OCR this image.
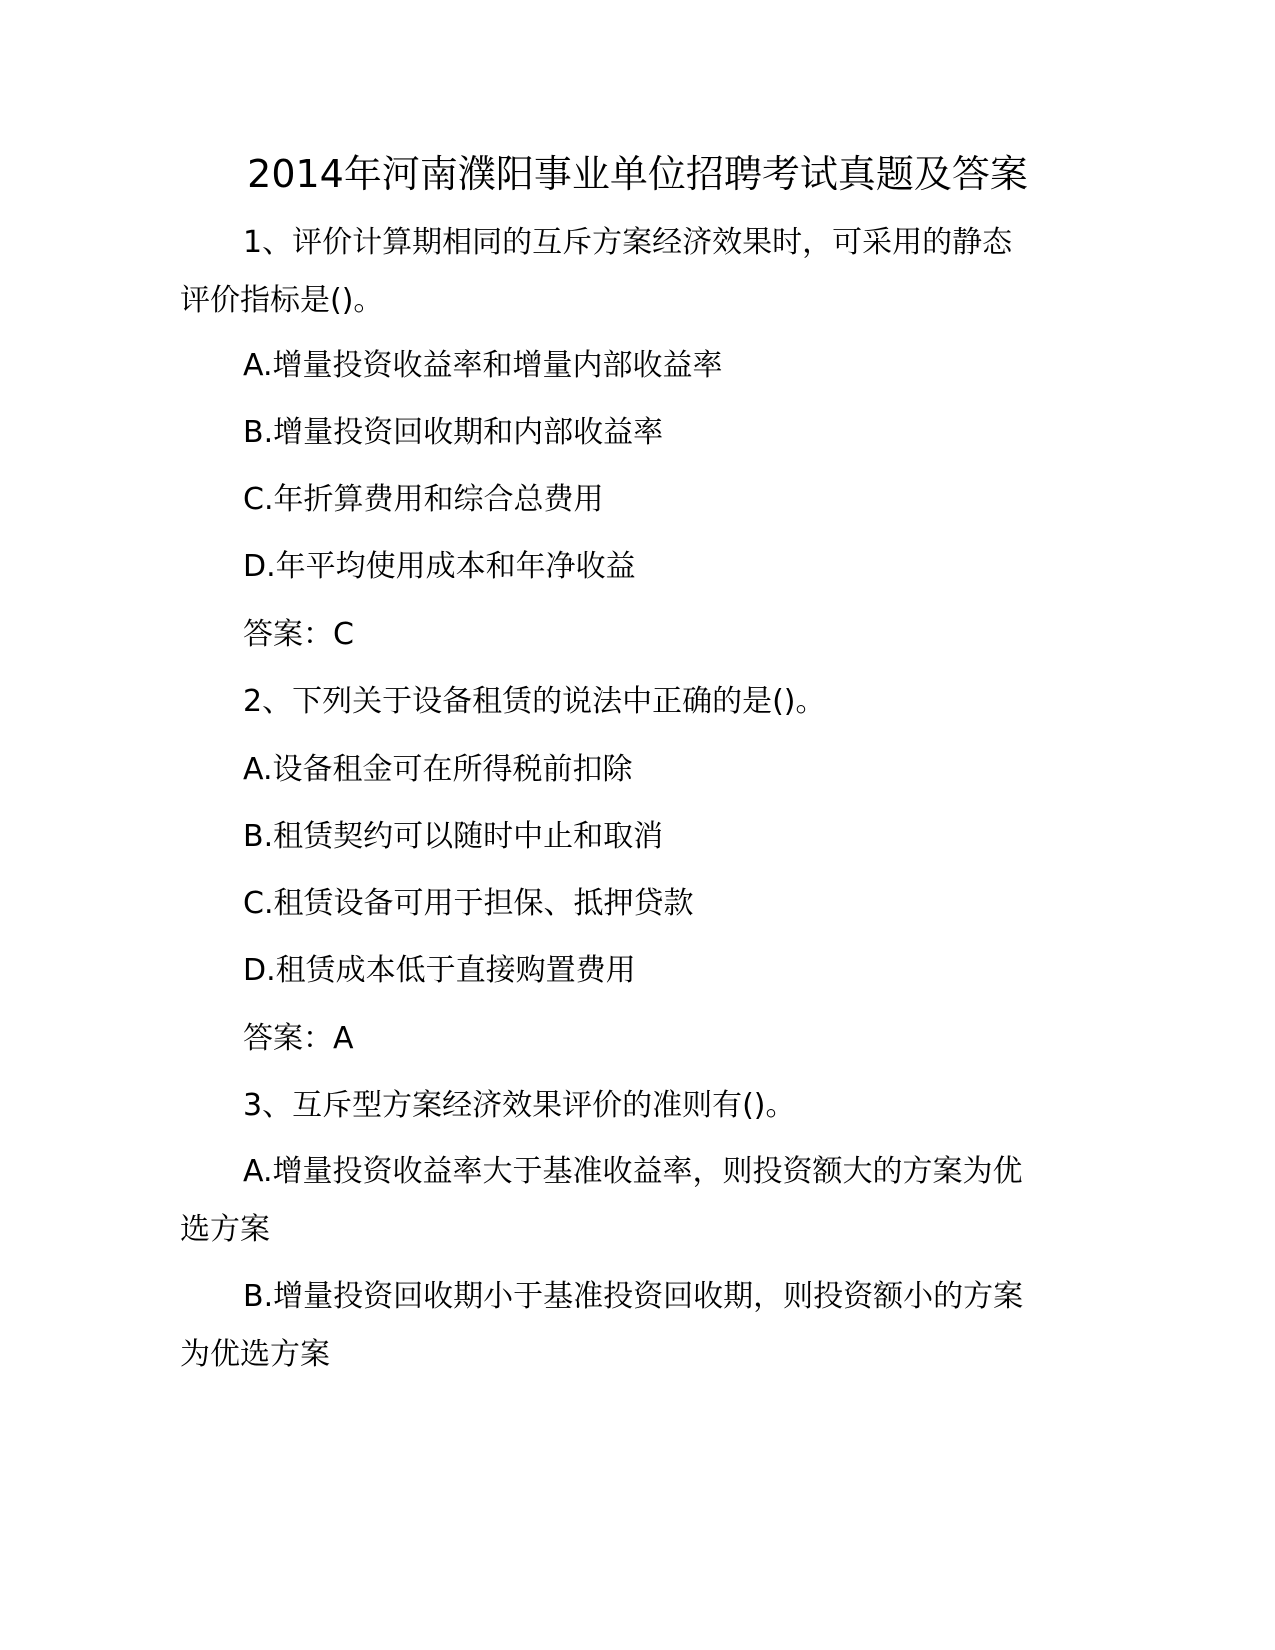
2014年河南濮阳事业单位招聘考试真题及答案

1、评价计算期相同的互斥方案经济效果时，可采用的静态评价指标是()。

A.增量投资收益率和增量内部收益率

B.增量投资回收期和内部收益率

C.年折算费用和综合总费用

D.年平均使用成本和年净收益

答案：C

2、下列关于设备租赁的说法中正确的是()。

A.设备租金可在所得税前扣除

B.租赁契约可以随时中止和取消

C.租赁设备可用于担保、抵押贷款

D.租赁成本低于直接购置费用

答案：A

3、互斥型方案经济效果评价的准则有()。

A.增量投资收益率大于基准收益率，则投资额大的方案为优选方案

B.增量投资回收期小于基准投资回收期，则投资额小的方案为优选方案
